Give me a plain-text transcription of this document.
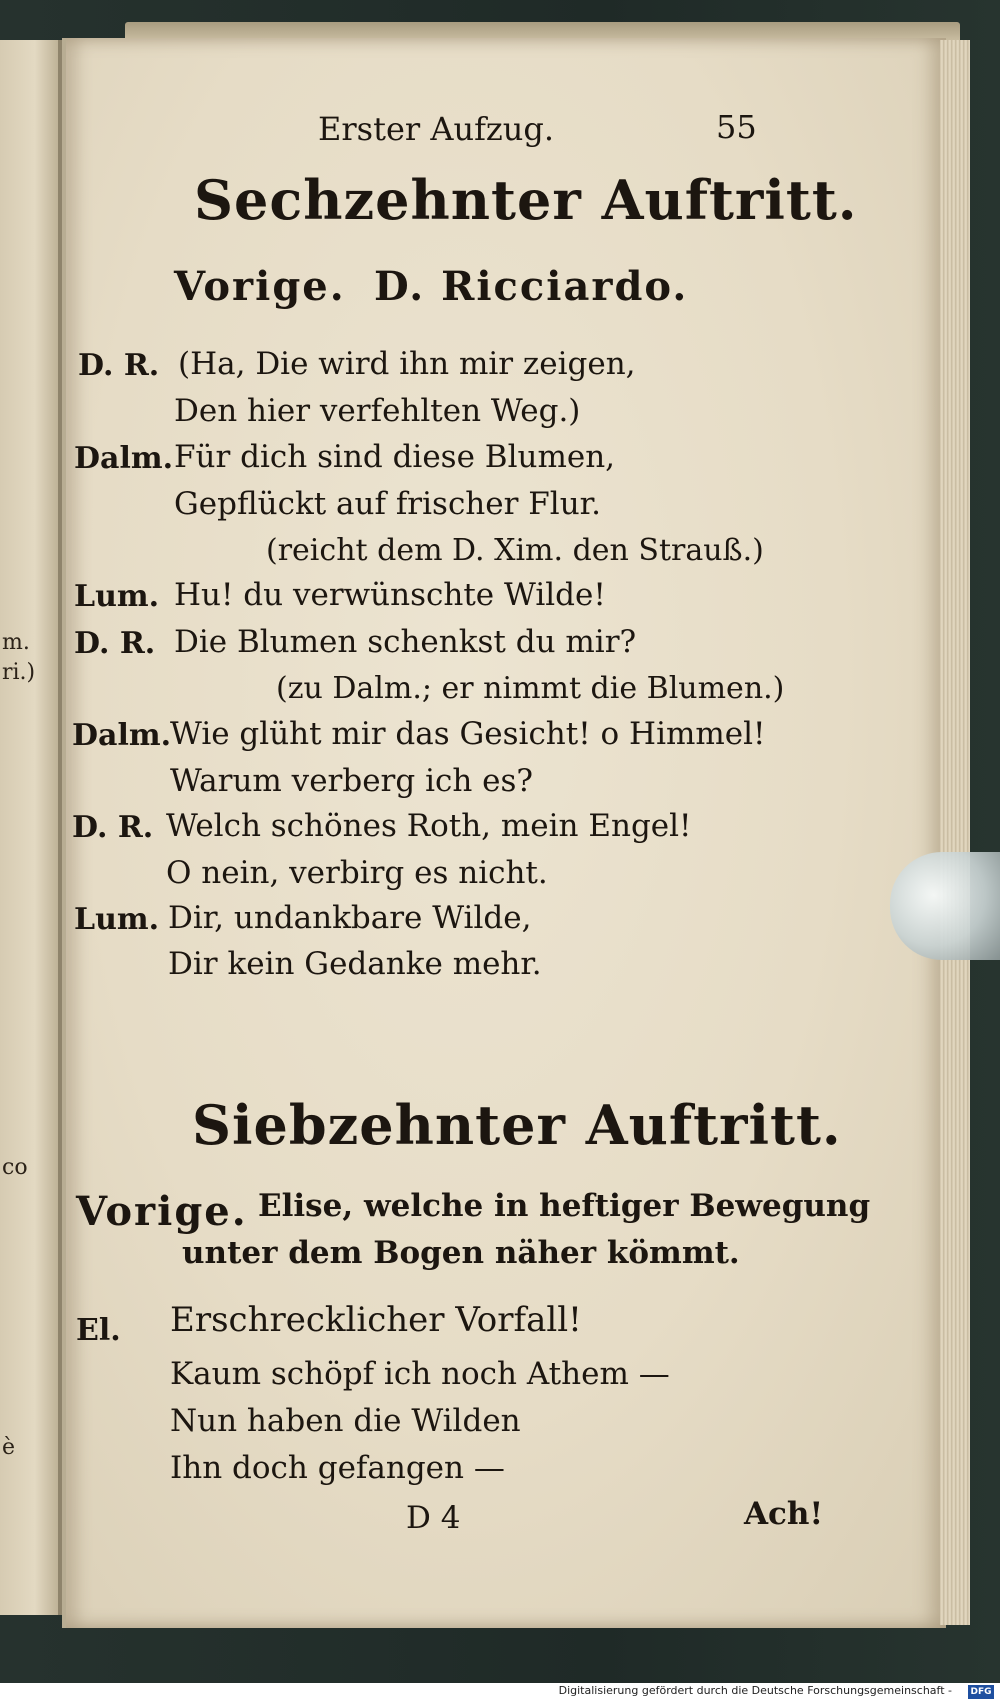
m.
ri.)
co
è
Erster Aufzug.	55
Sechzehnter Auftritt.
Vorige. D. Ricciardo.
D. R. (Ha, Die wird ihn mir zeigen,
Den hier verfehlten Weg.)
Dalm. Für dich sind diese Blumen,
Gepflückt auf frischer Flur.
(reicht dem D. Xim. den Strauß.)
Lum. Hu! du verwünschte Wilde!
D. R. Die Blumen schenkst du mir?
(zu Dalm.; er nimmt die Blumen.)
Dalm.
Wie glüht mir das Gesicht! o Himmel!
Warum verberg ich es?
D. R. Welch schönes Roth, mein Engel!
O nein, verbirg es nicht.
Lum. Dir, undankbare Wilde,
Dir kein Gedanke mehr.
Siebzehnter Auftritt.
Vorige. Elise, welche in heftiger Bewegung
unter dem Bogen näher kömmt.
El. Erschrecklicher Vorfall!
Kaum schöpf ich noch Athem —
Nun haben die Wilden
Ihn doch gefangen —
D 4	Ach!
Digitalisierung gefördert durch die Deutsche Forschungsgemeinschaft - DFG
